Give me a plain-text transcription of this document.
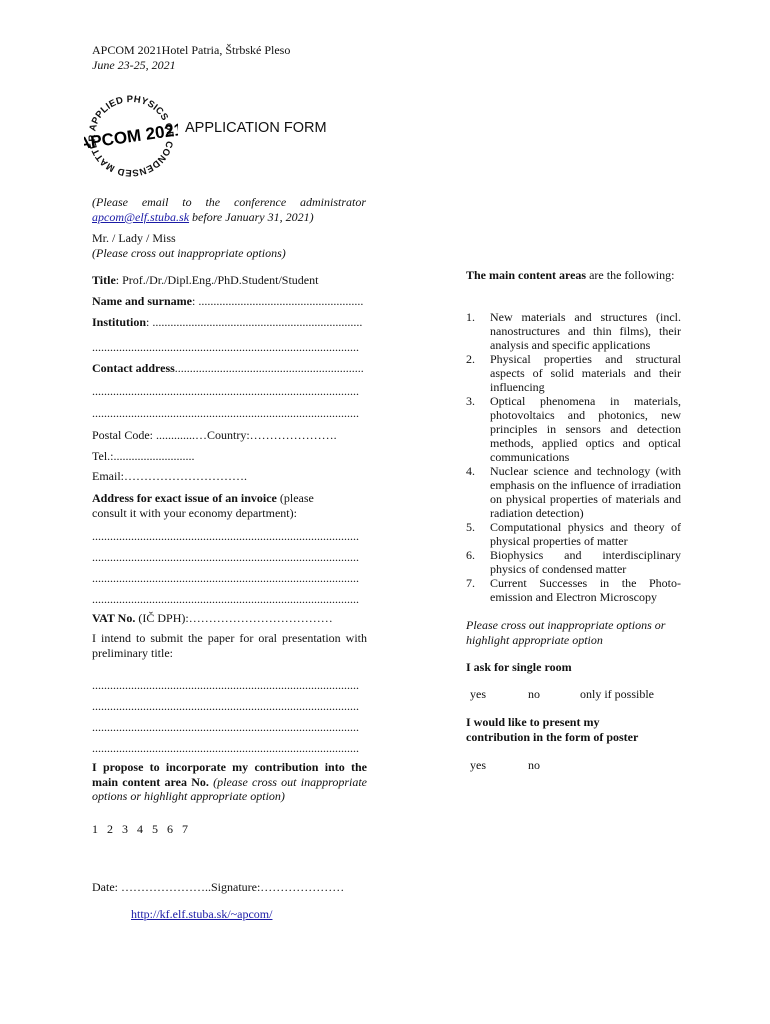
APCOM 2021Hotel Patria, Štrbské Pleso
June 23-25, 2021
APPLIED PHYSICS OF CONDENSED MATTER
APCOM 2021 APPLICATION FORM
(Please email to the conference administrator apcom@elf.stuba.sk before January 31, 2021)
Mr. / Lady / Miss
(Please cross out inappropriate options)
Title: Prof./Dr./Dipl.Eng./PhD.Student/Student
Name and surname: .......................................................
Institution: ......................................................................
.........................................................................................
Contact address...............................................................
.........................................................................................
.........................................................................................
Postal Code: .............…Country:………………….
Tel.:...........................
Email:………………………….
Address for exact issue of an invoice (please
consult it with your economy department):
.........................................................................................
.........................................................................................
.........................................................................................
.........................................................................................
VAT No. (IČ DPH):………………………………
I intend to submit the paper for oral presentation with preliminary title:
.........................................................................................
.........................................................................................
.........................................................................................
.........................................................................................
I propose to incorporate my contribution into the main content area No. (please cross out inappropriate options or highlight appropriate option)
1   2   3   4   5   6   7
Date: …………………..Signature:…………………
http://kf.elf.stuba.sk/~apcom/
The main content areas are the following:
1. New materials and structures (incl. nanostructures and thin films), their analysis and specific applications
2. Physical properties and structural aspects of solid materials and their influencing
3. Optical phenomena in materials, photovoltaics and photonics, new principles in sensors and detection methods, applied optics and optical communications
4. Nuclear science and technology (with emphasis on the influence of irradiation on physical properties of materials and radiation detection)
5. Computational physics and theory of physical properties of matter
6. Biophysics and interdisciplinary physics of condensed matter
7. Current Successes in the Photo-emission and Electron Microscopy
Please cross out inappropriate options or highlight appropriate option
I ask for single room
yes	no	only if possible
I would like to present my contribution in the form of poster
yes	no
